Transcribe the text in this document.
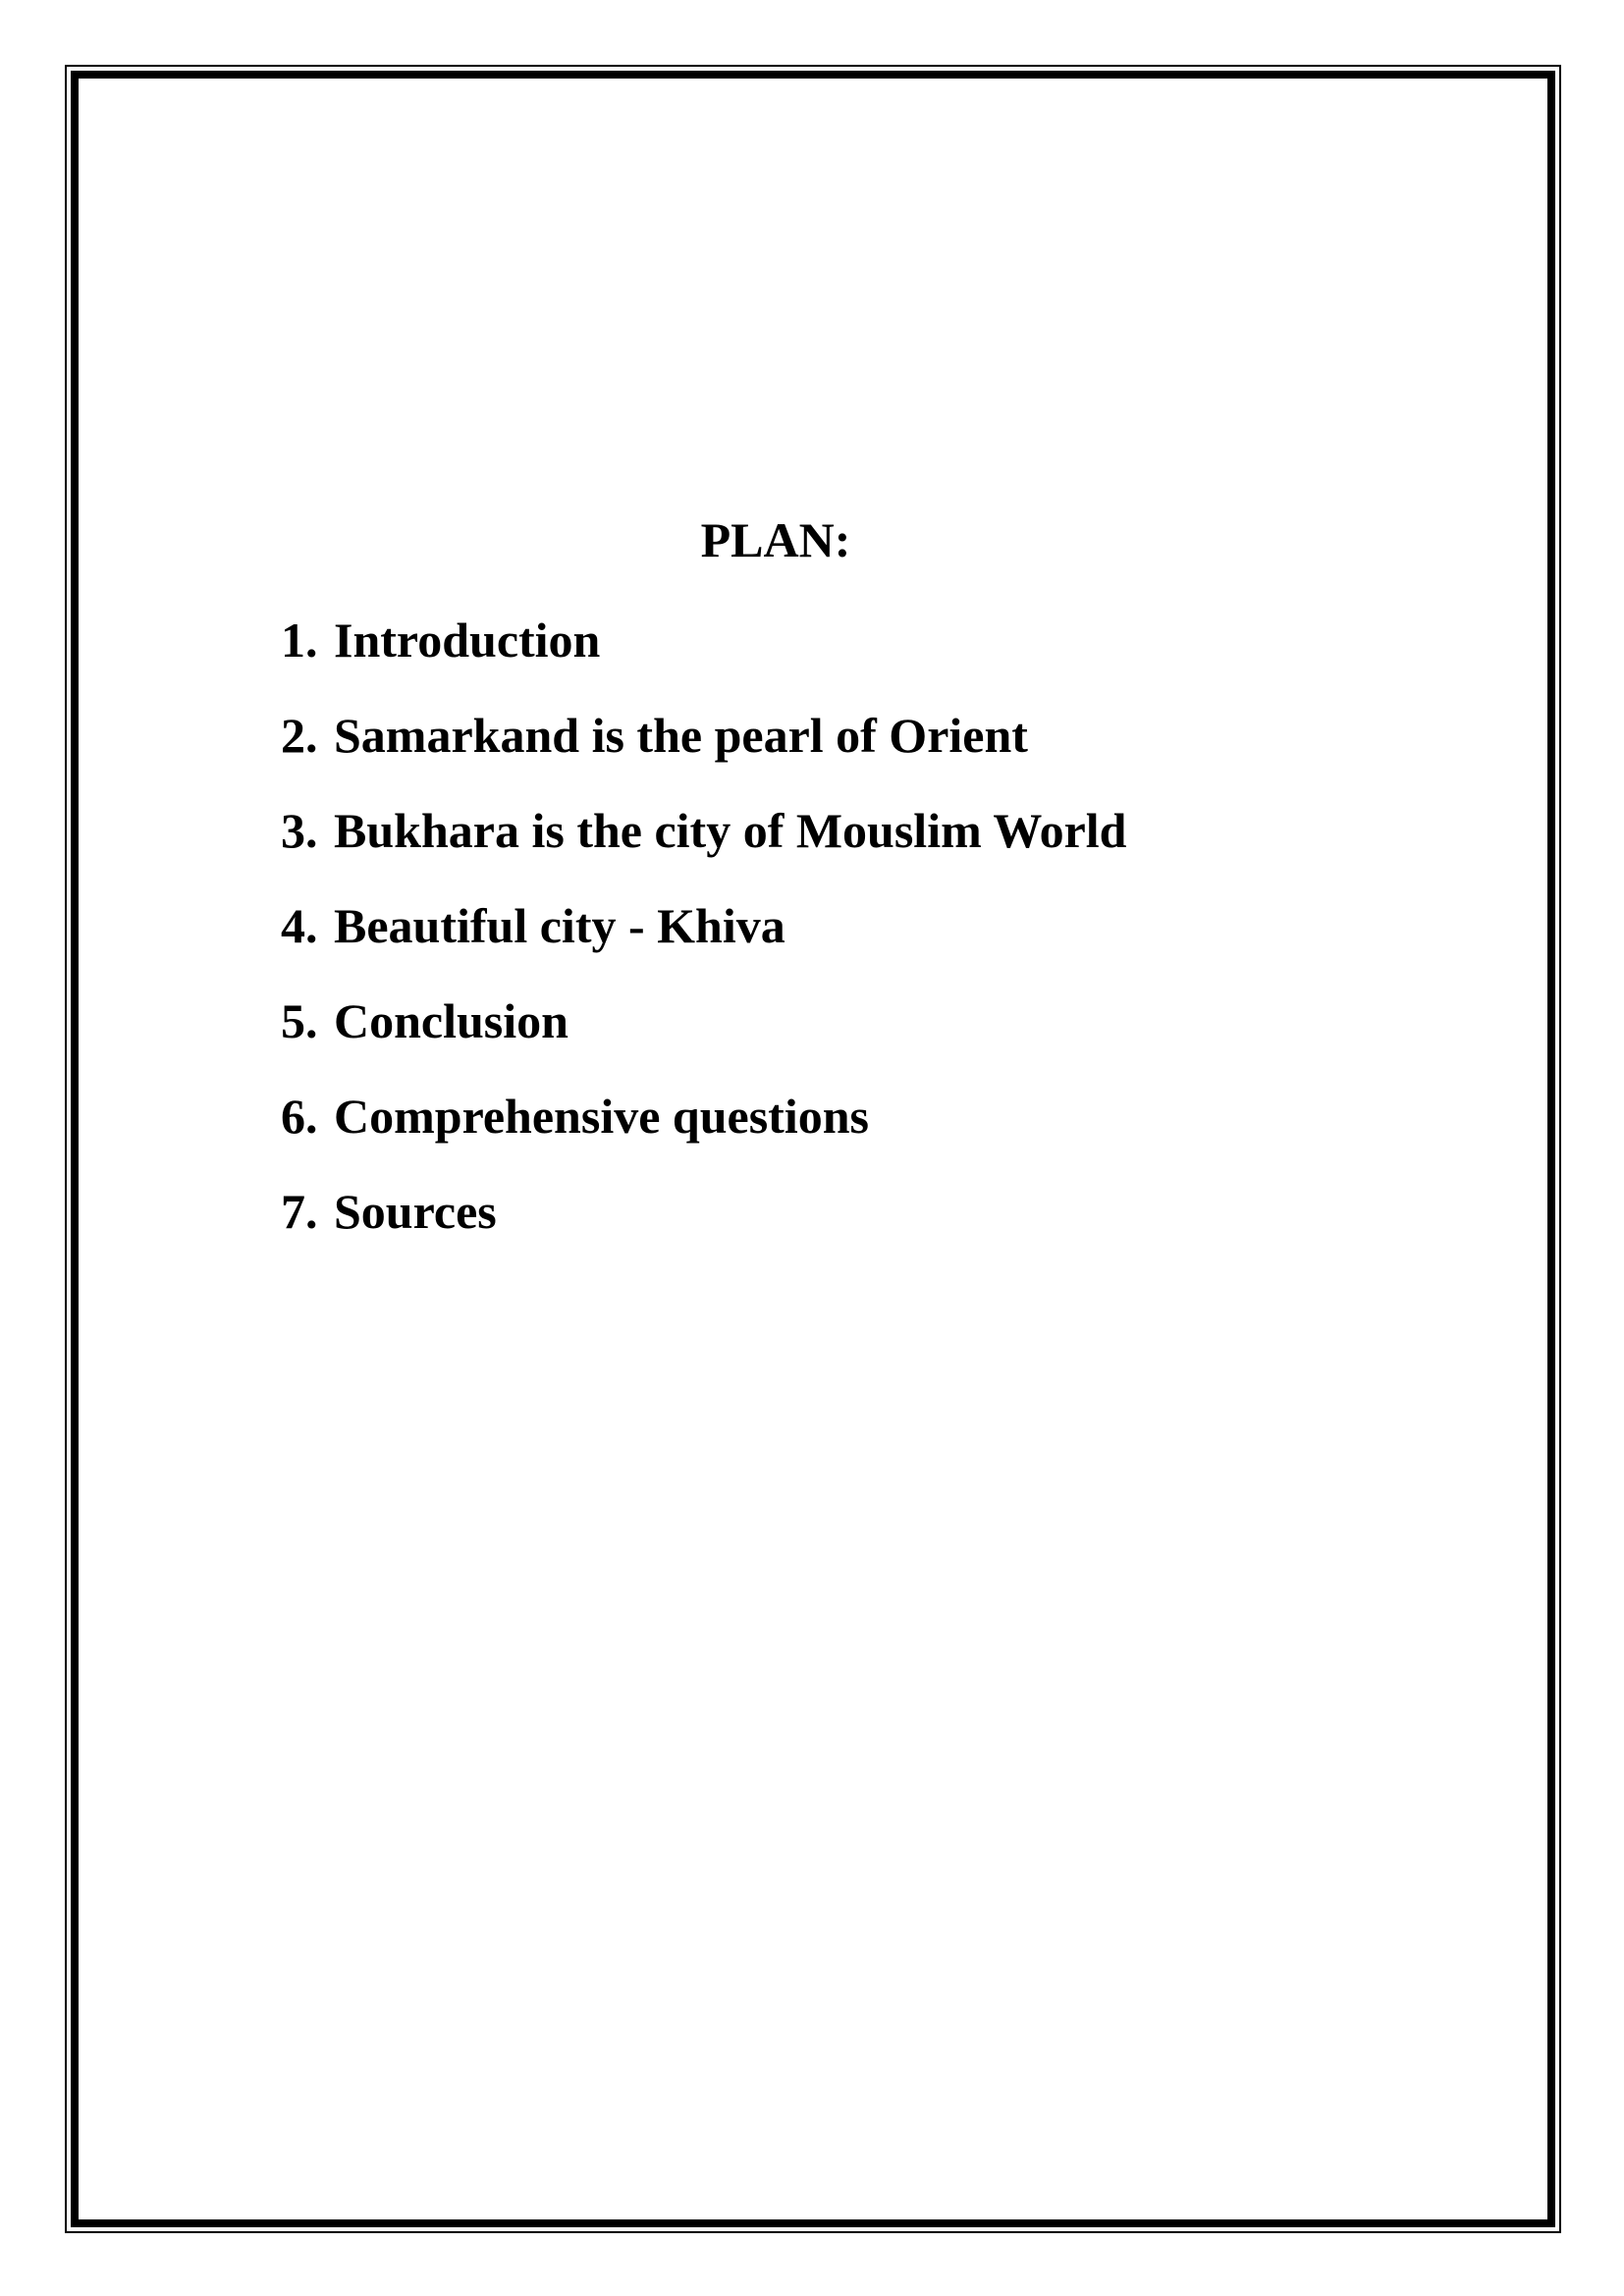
PLAN:
1. Introduction
2. Samarkand is the pearl of Orient
3. Bukhara is the city of Mouslim World
4. Beautiful city - Khiva
5. Conclusion
6. Comprehensive questions
7. Sources
